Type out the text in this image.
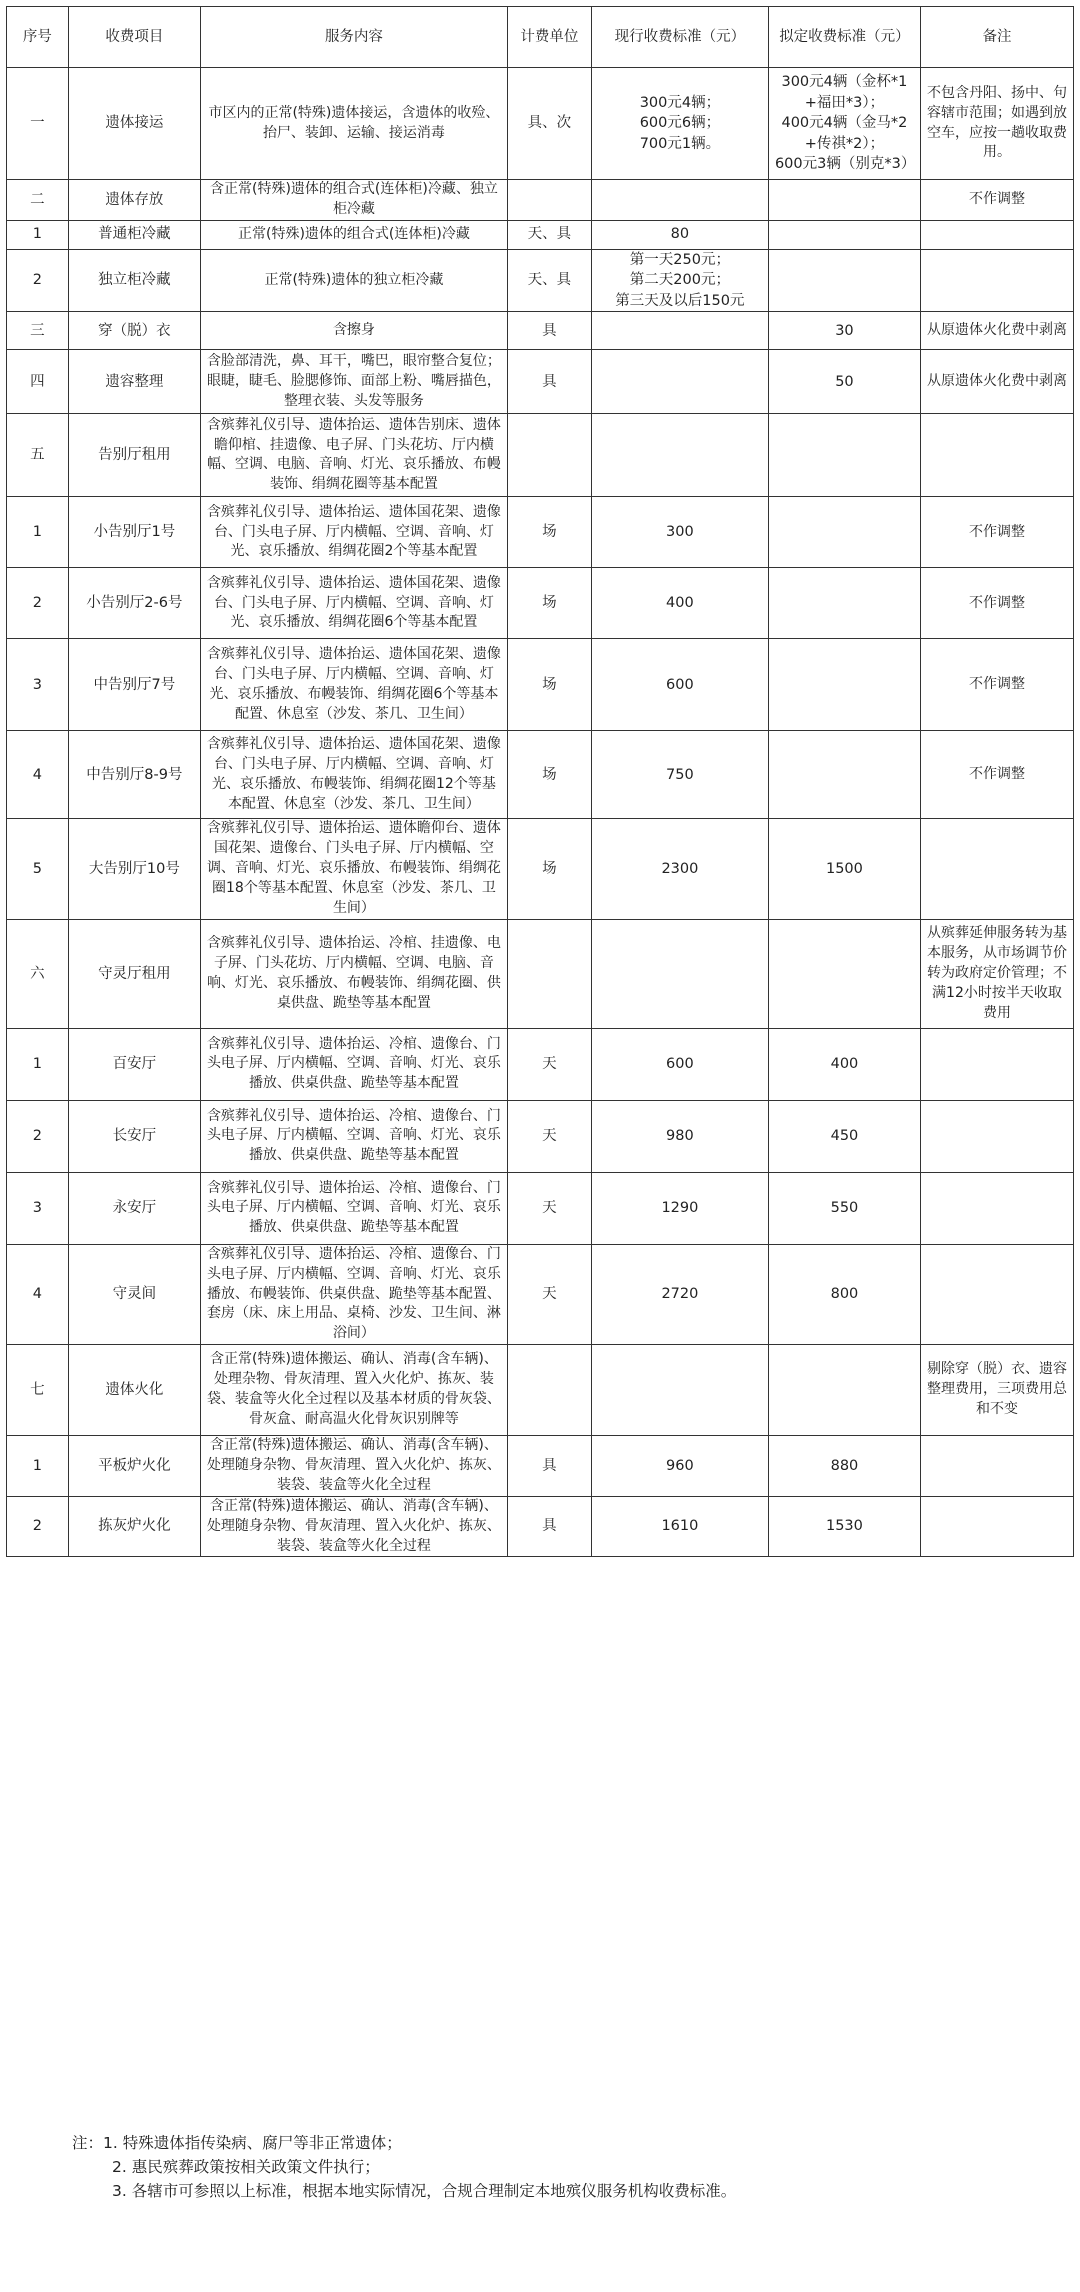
序号	收费项目	服务内容	计费单位	现行收费标准（元）	拟定收费标准（元）	备注
一	遗体接运	市区内的正常(特殊)遗体接运，含遗体的收殓、抬尸、装卸、运输、接运消毒	具、次	300元4辆；
600元6辆；
700元1辆。	300元4辆（金杯*1+福田*3）；
400元4辆（金马*2+传祺*2）；
600元3辆（别克*3）	不包含丹阳、扬中、句容辖市范围；如遇到放空车，应按一趟收取费用。
二	遗体存放	含正常(特殊)遗体的组合式(连体柜)冷藏、独立柜冷藏				不作调整
1	普通柜冷藏	正常(特殊)遗体的组合式(连体柜)冷藏	天、具	80		
2	独立柜冷藏	正常(特殊)遗体的独立柜冷藏	天、具	第一天250元；
第二天200元；
第三天及以后150元		
三	穿（脱）衣	含擦身	具		30	从原遗体火化费中剥离
四	遗容整理	含脸部清洗，鼻、耳干，嘴巴，眼帘整合复位；眼睫，睫毛、脸腮修饰、面部上粉、嘴唇描色，整理衣装、头发等服务	具		50	从原遗体火化费中剥离
五	告别厅租用	含殡葬礼仪引导、遗体抬运、遗体告别床、遗体瞻仰棺、挂遗像、电子屏、门头花坊、厅内横幅、空调、电脑、音响、灯光、哀乐播放、布幔装饰、绢绸花圈等基本配置				
1	小告别厅1号	含殡葬礼仪引导、遗体抬运、遗体国花架、遗像台、门头电子屏、厅内横幅、空调、音响、灯光、哀乐播放、绢绸花圈2个等基本配置	场	300		不作调整
2	小告别厅2-6号	含殡葬礼仪引导、遗体抬运、遗体国花架、遗像台、门头电子屏、厅内横幅、空调、音响、灯光、哀乐播放、绢绸花圈6个等基本配置	场	400		不作调整
3	中告别厅7号	含殡葬礼仪引导、遗体抬运、遗体国花架、遗像台、门头电子屏、厅内横幅、空调、音响、灯光、哀乐播放、布幔装饰、绢绸花圈6个等基本配置、休息室（沙发、茶几、卫生间）	场	600		不作调整
4	中告别厅8-9号	含殡葬礼仪引导、遗体抬运、遗体国花架、遗像台、门头电子屏、厅内横幅、空调、音响、灯光、哀乐播放、布幔装饰、绢绸花圈12个等基本配置、休息室（沙发、茶几、卫生间）	场	750		不作调整
5	大告别厅10号	含殡葬礼仪引导、遗体抬运、遗体瞻仰台、遗体国花架、遗像台、门头电子屏、厅内横幅、空调、音响、灯光、哀乐播放、布幔装饰、绢绸花圈18个等基本配置、休息室（沙发、茶几、卫生间）	场	2300	1500	
六	守灵厅租用	含殡葬礼仪引导、遗体抬运、冷棺、挂遗像、电子屏、门头花坊、厅内横幅、空调、电脑、音响、灯光、哀乐播放、布幔装饰、绢绸花圈、供桌供盘、跪垫等基本配置				从殡葬延伸服务转为基本服务，从市场调节价转为政府定价管理；不满12小时按半天收取费用
1	百安厅	含殡葬礼仪引导、遗体抬运、冷棺、遗像台、门头电子屏、厅内横幅、空调、音响、灯光、哀乐播放、供桌供盘、跪垫等基本配置	天	600	400	
2	长安厅	含殡葬礼仪引导、遗体抬运、冷棺、遗像台、门头电子屏、厅内横幅、空调、音响、灯光、哀乐播放、供桌供盘、跪垫等基本配置	天	980	450	
3	永安厅	含殡葬礼仪引导、遗体抬运、冷棺、遗像台、门头电子屏、厅内横幅、空调、音响、灯光、哀乐播放、供桌供盘、跪垫等基本配置	天	1290	550	
4	守灵间	含殡葬礼仪引导、遗体抬运、冷棺、遗像台、门头电子屏、厅内横幅、空调、音响、灯光、哀乐播放、布幔装饰、供桌供盘、跪垫等基本配置、套房（床、床上用品、桌椅、沙发、卫生间、淋浴间）	天	2720	800	
七	遗体火化	含正常(特殊)遗体搬运、确认、消毒(含车辆)、处理杂物、骨灰清理、置入火化炉、拣灰、装袋、装盒等火化全过程以及基本材质的骨灰袋、骨灰盒、耐高温火化骨灰识别牌等				剔除穿（脱）衣、遗容整理费用，三项费用总和不变
1	平板炉火化	含正常(特殊)遗体搬运、确认、消毒(含车辆)、处理随身杂物、骨灰清理、置入火化炉、拣灰、装袋、装盒等火化全过程	具	960	880	
2	拣灰炉火化	含正常(特殊)遗体搬运、确认、消毒(含车辆)、处理随身杂物、骨灰清理、置入火化炉、拣灰、装袋、装盒等火化全过程	具	1610	1530	
注：1. 特殊遗体指传染病、腐尸等非正常遗体；
2. 惠民殡葬政策按相关政策文件执行；
3. 各辖市可参照以上标准，根据本地实际情况，合规合理制定本地殡仪服务机构收费标准。
